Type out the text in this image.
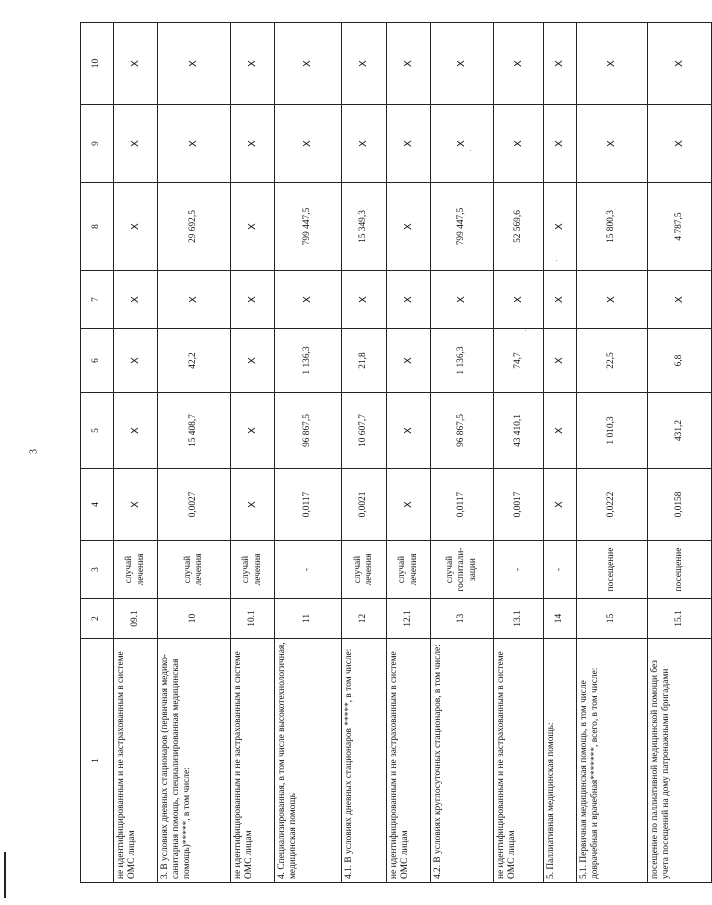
3
1	2	3	4	5	6	7	8	9	10
не идентифицированным и не застрахованным в системе ОМС лицам	09.1	случай лечения	X	X	X	X	X	X	X
3. В условиях дневных стационаров (первичная медико-санитарная помощь, специализированная медицинская помощь)*****, в том числе:	10	случай лечения	0,0027	15 408,7	42,2	X	29 692,5	X	X
не идентифицированным и не застрахованным в системе ОМС лицам	10.1	случай лечения	X	X	X	X	X	X	X
4. Специализированная, в том числе высокотехнологичная, медицинская помощь	11	-	0,0117	96 867,5	1 136,3	X	799 447,5	X	X
4.1. В условиях дневных стационаров *****, в том числе:	12	случай лечения	0,0021	10 607,7	21,8	X	15 349,3	X	X
не идентифицированным и не застрахованным в системе ОМС лицам	12.1	случай лечения	X	X	X	X	X	X	X
4.2. В условиях круглосуточных стационаров, в том числе:	13	случай госпитали-зации	0,0117	96 867,5	1 136,3	X	799 447,5	X	X
не идентифицированным и не застрахованным в системе ОМС лицам	13.1	-	0,0017	43 410,1	74,7	X	52 569,6	X	X
5. Паллиативная медицинская помощь:	14	-	X	X	X	X	X	X	X
5.1. Первичная медицинская помощь, в том числе доврачебная и врачебная*******, всего, в том числе:	15	посещение	0,0222	1 010,3	22,5	X	15 800,3	X	X
посещение по паллиативной медицинской помощи без учета посещений на дому патронажными бригадами	15.1	посещение	0,0158	431,2	6,8	X	4 787,5	X	X
